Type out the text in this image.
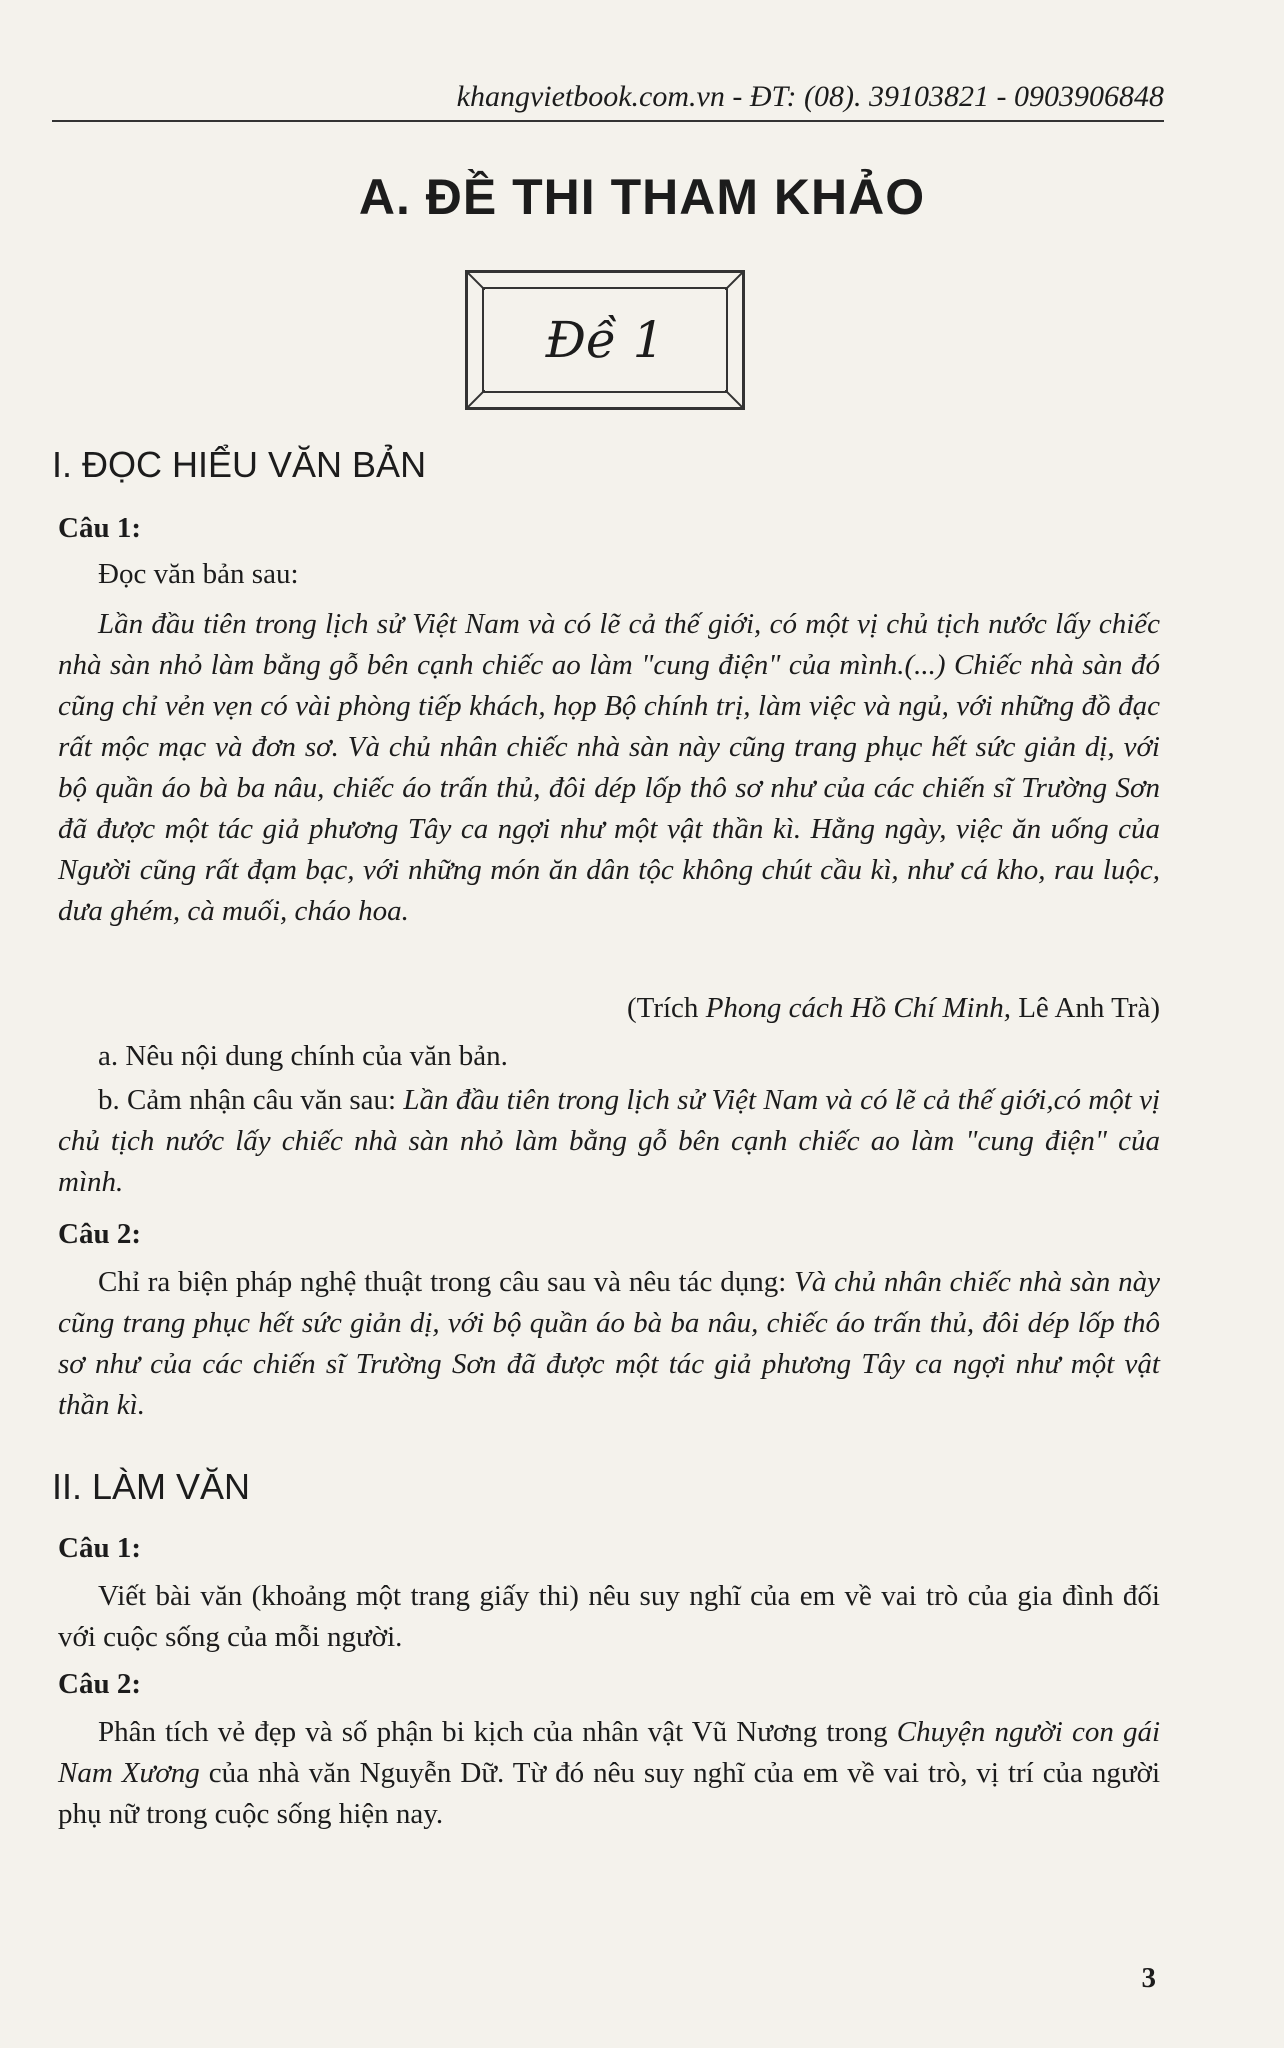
khangvietbook.com.vn - ĐT: (08). 39103821 - 0903906848
A. ĐỀ THI THAM KHẢO
Đề 1
I. ĐỌC HIỂU VĂN BẢN
Câu 1:
Đọc văn bản sau:
Lần đầu tiên trong lịch sử Việt Nam và có lẽ cả thế giới, có một vị chủ tịch nước lấy chiếc nhà sàn nhỏ làm bằng gỗ bên cạnh chiếc ao làm "cung điện" của mình.(...) Chiếc nhà sàn đó cũng chỉ vẻn vẹn có vài phòng tiếp khách, họp Bộ chính trị, làm việc và ngủ, với những đồ đạc rất mộc mạc và đơn sơ. Và chủ nhân chiếc nhà sàn này cũng trang phục hết sức giản dị, với bộ quần áo bà ba nâu, chiếc áo trấn thủ, đôi dép lốp thô sơ như của các chiến sĩ Trường Sơn đã được một tác giả phương Tây ca ngợi như một vật thần kì. Hằng ngày, việc ăn uống của Người cũng rất đạm bạc, với những món ăn dân tộc không chút cầu kì, như cá kho, rau luộc, dưa ghém, cà muối, cháo hoa.
(Trích Phong cách Hồ Chí Minh, Lê Anh Trà)
a. Nêu nội dung chính của văn bản.
b. Cảm nhận câu văn sau: Lần đầu tiên trong lịch sử Việt Nam và có lẽ cả thế giới,có một vị chủ tịch nước lấy chiếc nhà sàn nhỏ làm bằng gỗ bên cạnh chiếc ao làm "cung điện" của mình.
Câu 2:
Chỉ ra biện pháp nghệ thuật trong câu sau và nêu tác dụng: Và chủ nhân chiếc nhà sàn này cũng trang phục hết sức giản dị, với bộ quần áo bà ba nâu, chiếc áo trấn thủ, đôi dép lốp thô sơ như của các chiến sĩ Trường Sơn đã được một tác giả phương Tây ca ngợi như một vật thần kì.
II. LÀM VĂN
Câu 1:
Viết bài văn (khoảng một trang giấy thi) nêu suy nghĩ của em về vai trò của gia đình đối với cuộc sống của mỗi người.
Câu 2:
Phân tích vẻ đẹp và số phận bi kịch của nhân vật Vũ Nương trong Chuyện người con gái Nam Xương của nhà văn Nguyễn Dữ. Từ đó nêu suy nghĩ của em về vai trò, vị trí của người phụ nữ trong cuộc sống hiện nay.
3
